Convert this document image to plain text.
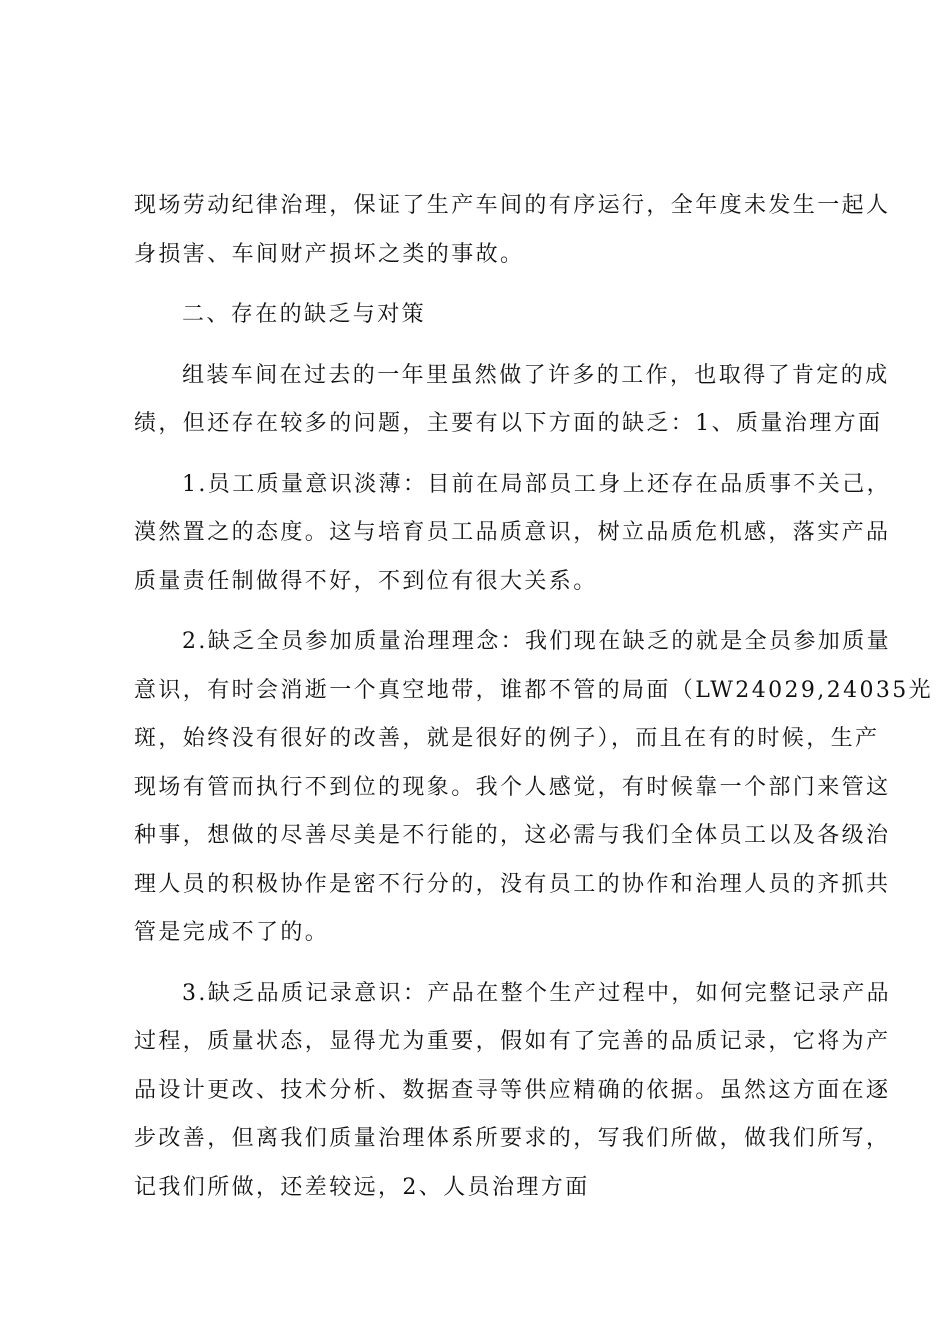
现场劳动纪律治理，保证了生产车间的有序运行，全年度未发生一起人
身损害、车间财产损坏之类的事故。
二、存在的缺乏与对策
组装车间在过去的一年里虽然做了许多的工作，也取得了肯定的成
绩，但还存在较多的问题，主要有以下方面的缺乏：1、质量治理方面
1.员工质量意识淡薄：目前在局部员工身上还存在品质事不关己，
漠然置之的态度。这与培育员工品质意识，树立品质危机感，落实产品
质量责任制做得不好，不到位有很大关系。
2.缺乏全员参加质量治理理念：我们现在缺乏的就是全员参加质量
意识，有时会消逝一个真空地带，谁都不管的局面（LW24029,24035光
斑，始终没有很好的改善，就是很好的例子），而且在有的时候，生产
现场有管而执行不到位的现象。我个人感觉，有时候靠一个部门来管这
种事，想做的尽善尽美是不行能的，这必需与我们全体员工以及各级治
理人员的积极协作是密不行分的，没有员工的协作和治理人员的齐抓共
管是完成不了的。
3.缺乏品质记录意识：产品在整个生产过程中，如何完整记录产品
过程，质量状态，显得尤为重要，假如有了完善的品质记录，它将为产
品设计更改、技术分析、数据查寻等供应精确的依据。虽然这方面在逐
步改善，但离我们质量治理体系所要求的，写我们所做，做我们所写，
记我们所做，还差较远，2、人员治理方面
